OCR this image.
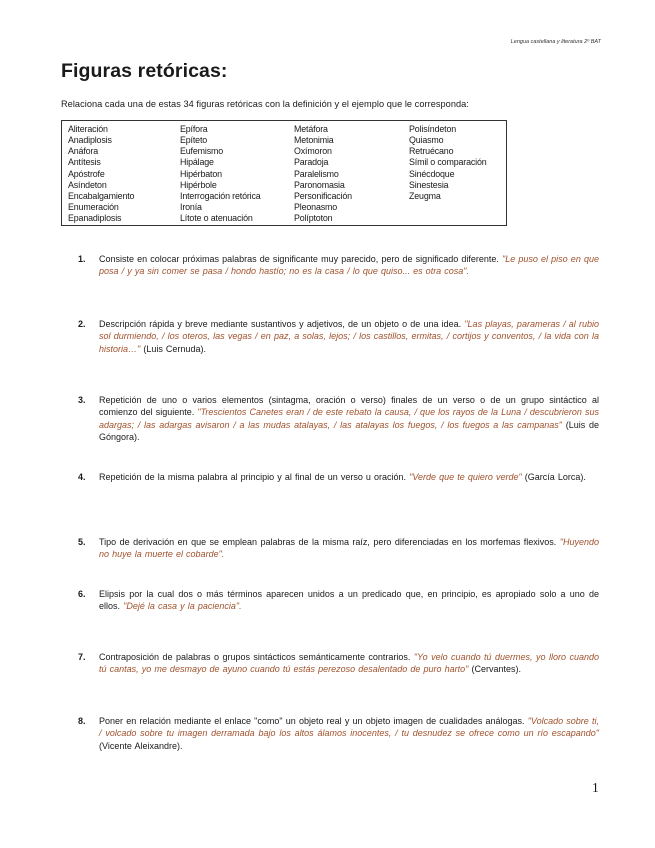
Lengua castellana y literatura 2º BAT
Figuras retóricas:
Relaciona cada una de estas 34 figuras retóricas con la definición y el ejemplo que le corresponda:
Aliteración
Anadiplosis
Anáfora
Antítesis
Apóstrofe
Asíndeton
Encabalgamiento
Enumeración
Epanadiplosis
Epífora
Epíteto
Eufemismo
Hipálage
Hipérbaton
Hipérbole
Interrogación retórica
Ironía
Lítote o atenuación
Metáfora
Metonimia
Oxímoron
Paradoja
Paralelismo
Paronomasia
Personificación
Pleonasmo
Políptoton
Polisíndeton
Quiasmo
Retruécano
Símil o comparación
Sinécdoque
Sinestesia
Zeugma
1. Consiste en colocar próximas palabras de significante muy parecido, pero de significado diferente. "Le puso el piso en que posa / y ya sin comer se pasa / hondo hastío; no es la casa / lo que quiso... es otra cosa".
2. Descripción rápida y breve mediante sustantivos y adjetivos, de un objeto o de una idea. "Las playas, parameras / al rubio sol durmiendo, / los oteros, las vegas / en paz, a solas, lejos; / los castillos, ermitas, / cortijos y conventos, / la vida con la historia…" (Luis Cernuda).
3. Repetición de uno o varios elementos (sintagma, oración o verso) finales de un verso o de un grupo sintáctico al comienzo del siguiente. "Trescientos Canetes eran / de este rebato la causa, / que los rayos de la Luna / descubrieron sus adargas; / las adargas avisaron / a las mudas atalayas, / las atalayas los fuegos, / los fuegos a las campanas" (Luis de Góngora).
4. Repetición de la misma palabra al principio y al final de un verso u oración. "Verde que te quiero verde" (García Lorca).
5. Tipo de derivación en que se emplean palabras de la misma raíz, pero diferenciadas en los morfemas flexivos. "Huyendo no huye la muerte el cobarde".
6. Elipsis por la cual dos o más términos aparecen unidos a un predicado que, en principio, es apropiado solo a uno de ellos. "Dejé la casa y la paciencia".
7. Contraposición de palabras o grupos sintácticos semánticamente contrarios. "Yo velo cuando tú duermes, yo lloro cuando tú cantas, yo me desmayo de ayuno cuando tú estás perezoso desalentado de puro harto" (Cervantes).
8. Poner en relación mediante el enlace "como" un objeto real y un objeto imagen de cualidades análogas. "Volcado sobre ti, / volcado sobre tu imagen derramada bajo los altos álamos inocentes, / tu desnudez se ofrece como un río escapando" (Vicente Aleixandre).
1
